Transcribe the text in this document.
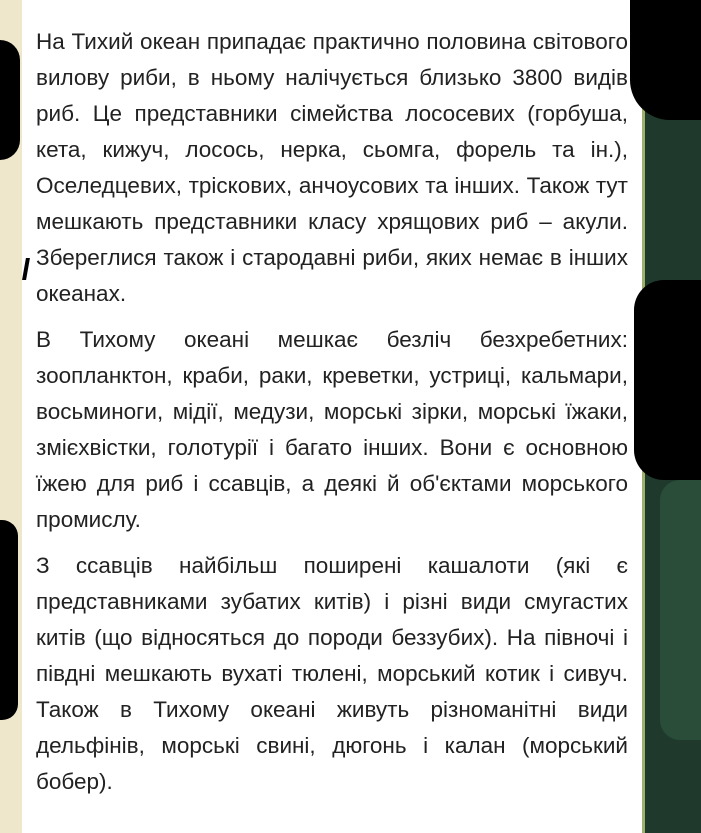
На Тихий океан припадає практично половина світового вилову риби, в ньому налічується близько 3800 видів риб. Це представники сімейства лососевих (горбуша, кета, кижуч, лосось, нерка, сьомга, форель та ін.), Оселедцевих, тріскових, анчоусових та інших. Також тут мешкають представники класу хрящових риб – акули. Збереглися також і стародавні риби, яких немає в інших океанах.

В Тихому океані мешкає безліч безхребетних: зоопланктон, краби, раки, креветки, устриці, кальмари, восьминоги, мідії, медузи, морські зірки, морські їжаки, змієхвістки, голотурії і багато інших. Вони є основною їжею для риб і ссавців, а деякі й об'єктами морського промислу.

З ссавців найбільш поширені кашалоти (які є представниками зубатих китів) і різні види смугастих китів (що відносяться до породи беззубих). На півночі і півдні мешкають вухаті тюлені, морський котик і сивуч. Також в Тихому океані живуть різноманітні види дельфінів, морські свині, дюгонь і калан (морський бобер).
